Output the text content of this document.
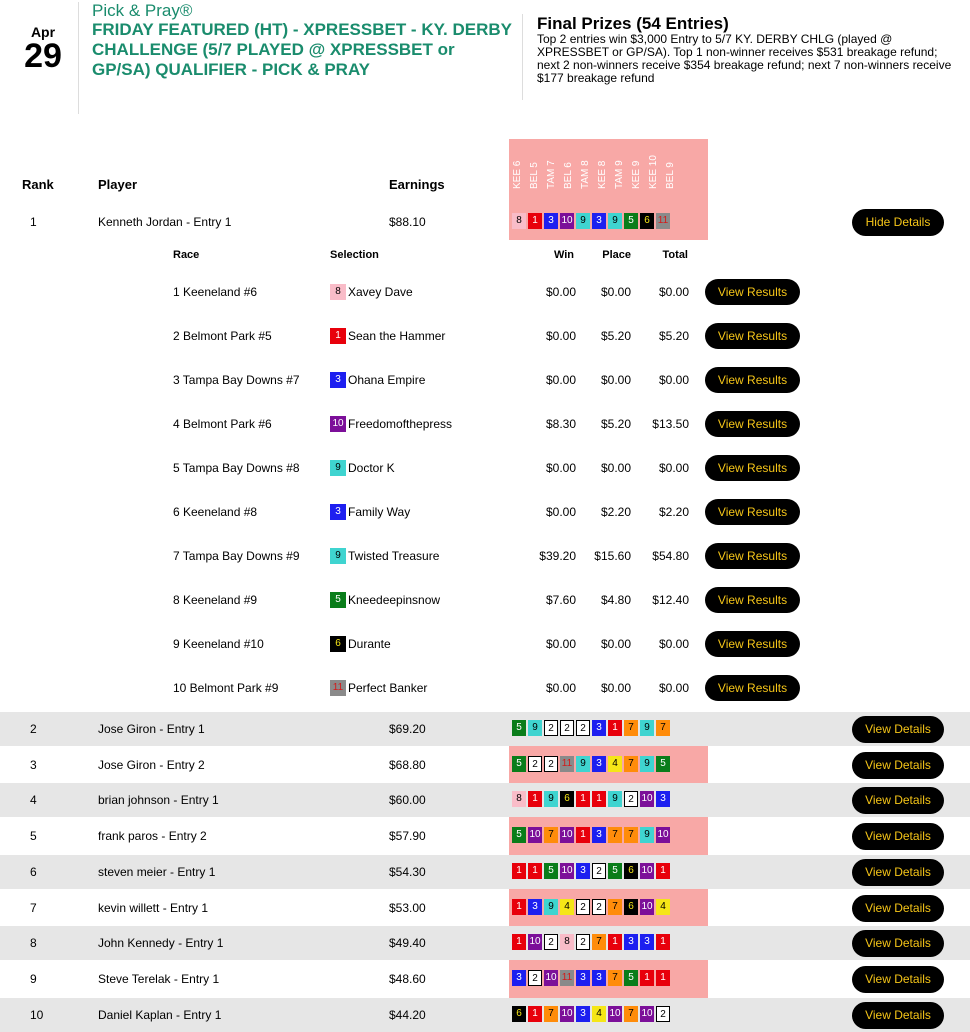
Apr
29
Pick & Pray®
FRIDAY FEATURED (HT) - XPRESSBET - KY. DERBY CHALLENGE (5/7 PLAYED @ XPRESSBET or GP/SA) QUALIFIER - PICK & PRAY
Final Prizes (54 Entries)
Top 2 entries win $3,000 Entry to 5/7 KY. DERBY CHLG (played @ XPRESSBET or GP/SA). Top 1 non-winner receives $531 breakage refund; next 2 non-winners receive $354 breakage refund; next 7 non-winners receive $177 breakage refund
KEE 6 BEL 5 TAM 7 BEL 6 TAM 8 KEE 8 TAM 9 KEE 9 KEE 10 BEL 9
Rank	Player	Earnings
1	Kenneth Jordan - Entry 1	$88.10	8 1 3 10 9 3 9 5 6 11	Hide Details
Race	Selection	Win	Place	Total
1 Keeneland #6	8 Xavey Dave	$0.00 $0.00 $0.00	View Results
2 Belmont Park #5	1 Sean the Hammer	$0.00 $5.20 $5.20	View Results
3 Tampa Bay Downs #7	3 Ohana Empire	$0.00 $0.00 $0.00	View Results
4 Belmont Park #6	10 Freedomofthepress	$8.30 $5.20 $13.50	View Results
5 Tampa Bay Downs #8	9 Doctor K	$0.00 $0.00 $0.00	View Results
6 Keeneland #8	3 Family Way	$0.00 $2.20 $2.20	View Results
7 Tampa Bay Downs #9	9 Twisted Treasure	$39.20 $15.60 $54.80	View Results
8 Keeneland #9	5 Kneedeepinsnow	$7.60 $4.80 $12.40	View Results
9 Keeneland #10	6 Durante	$0.00 $0.00 $0.00	View Results
10 Belmont Park #9	11 Perfect Banker	$0.00 $0.00 $0.00	View Results
2	Jose Giron - Entry 1	$69.20	5 9 2 2 2 3 1 7 9 7	View Details
3	Jose Giron - Entry 2	$68.80	5 2 2 11 9 3 4 7 9 5	View Details
4	brian johnson - Entry 1	$60.00	8 1 9 6 1 1 9 2 10 3	View Details
5	frank paros - Entry 2	$57.90	5 10 7 10 1 3 7 7 9 10	View Details
6	steven meier - Entry 1	$54.30	1 1 5 10 3 2 5 6 10 1	View Details
7	kevin willett - Entry 1	$53.00	1 3 9 4 2 2 7 6 10 4	View Details
8	John Kennedy - Entry 1	$49.40	1 10 2 8 2 7 1 3 3 1	View Details
9	Steve Terelak - Entry 1	$48.60	3 2 10 11 3 3 7 5 1 1	View Details
10	Daniel Kaplan - Entry 1	$44.20	6 1 7 10 3 4 10 7 10 2	View Details
